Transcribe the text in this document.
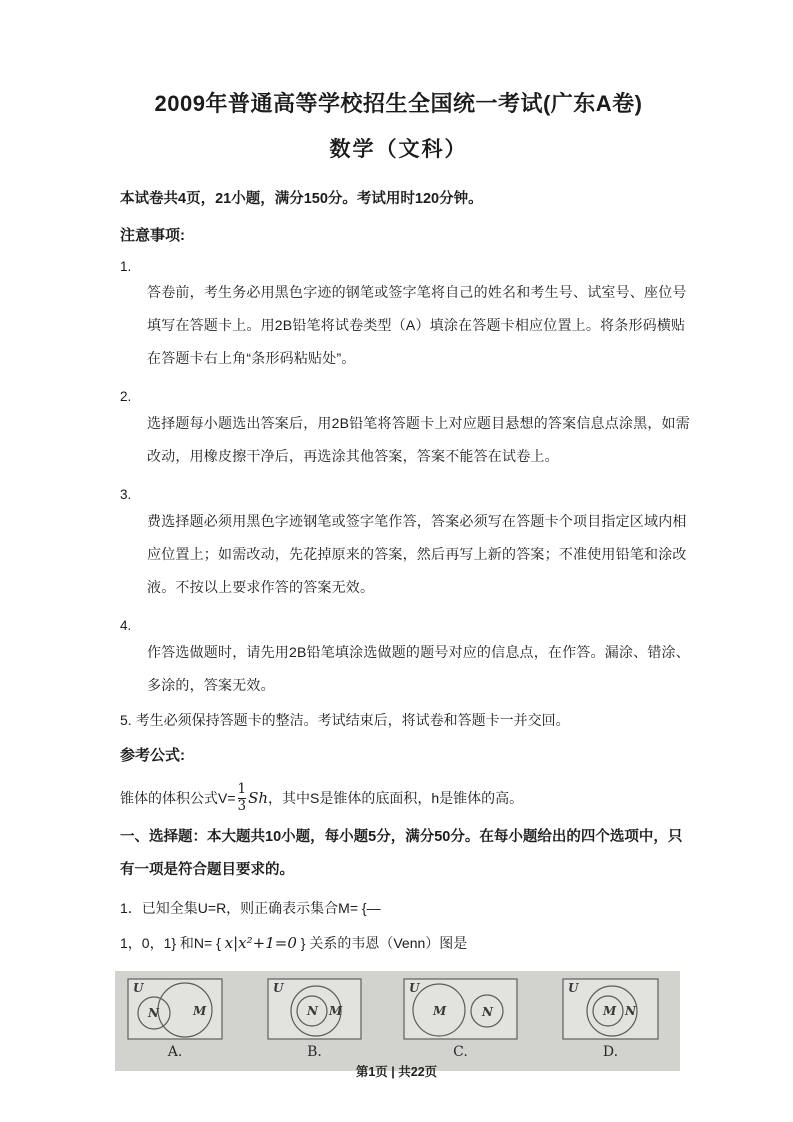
2009年普通高等学校招生全国统一考试(广东A卷)
数学（文科）
本试卷共4页，21小题，满分150分。考试用时120分钟。
注意事项:
1.
答卷前，考生务必用黑色字迹的钢笔或签字笔将自己的姓名和考生号、试室号、座位号
填写在答题卡上。用2B铅笔将试卷类型（A）填涂在答题卡相应位置上。将条形码横贴
在答题卡右上角“条形码粘贴处”。
2.
选择题每小题选出答案后，用2B铅笔将答题卡上对应题目悬想的答案信息点涂黑，如需
改动，用橡皮擦干净后，再选涂其他答案，答案不能答在试卷上。
3.
费选择题必须用黑色字迹钢笔或签字笔作答，答案必须写在答题卡个项目指定区域内相
应位置上；如需改动，先花掉原来的答案，然后再写上新的答案；不准使用铅笔和涂改
液。不按以上要求作答的答案无效。
4.
作答选做题时，请先用2B铅笔填涂选做题的题号对应的信息点，在作答。漏涂、错涂、
多涂的，答案无效。
5. 考生必须保持答题卡的整洁。考试结束后，将试卷和答题卡一并交回。
参考公式:
锥体的体积公式$V= \frac{1}{3}$ Sh ，其中S是锥体的底面积，h是锥体的高。
一、选择题：本大题共10小题，每小题5分，满分50分。在每小题给出的四个选项中，只
有一项是符合题目要求的。
1．已知全集U=R，则正确表示集合M= {—
1，0，1} 和N= { x|x²+1=0 } 关系的韦恩（Venn）图是
U
N	M
A.
U
N M
B.
U
M	N
C.
U
M N
D.
第1页 | 共22页
